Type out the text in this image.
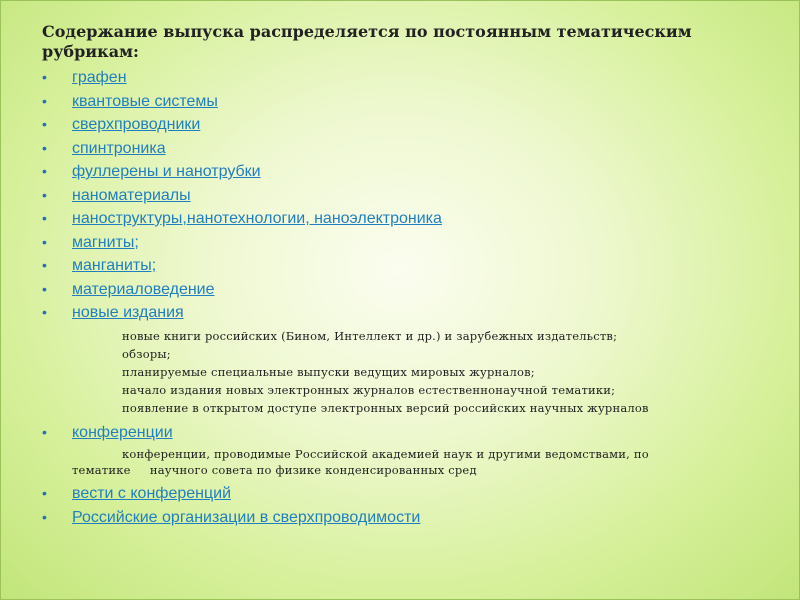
Содержание выпуска распределяется по постоянным тематическим рубрикам:

• графен
• квантовые системы
• сверхпроводники
• спинтроника
• фуллерены и нанотрубки
• наноматериалы
• наноструктуры,нанотехнологии, наноэлектроника
• магниты;
• манганиты;
• материаловедение
• новые издания
новые книги российских (Бином, Интеллект и др.) и зарубежных издательств;
обзоры;
планируемые специальные выпуски ведущих мировых журналов;
начало издания новых электронных журналов естественнонаучной тематики;
появление в открытом доступе электронных версий российских научных журналов
• конференции
конференции, проводимые Российской академией наук и другими ведомствами, по тематике     научного совета по физике конденсированных сред
• вести с конференций
• Российские организации в сверхпроводимости
